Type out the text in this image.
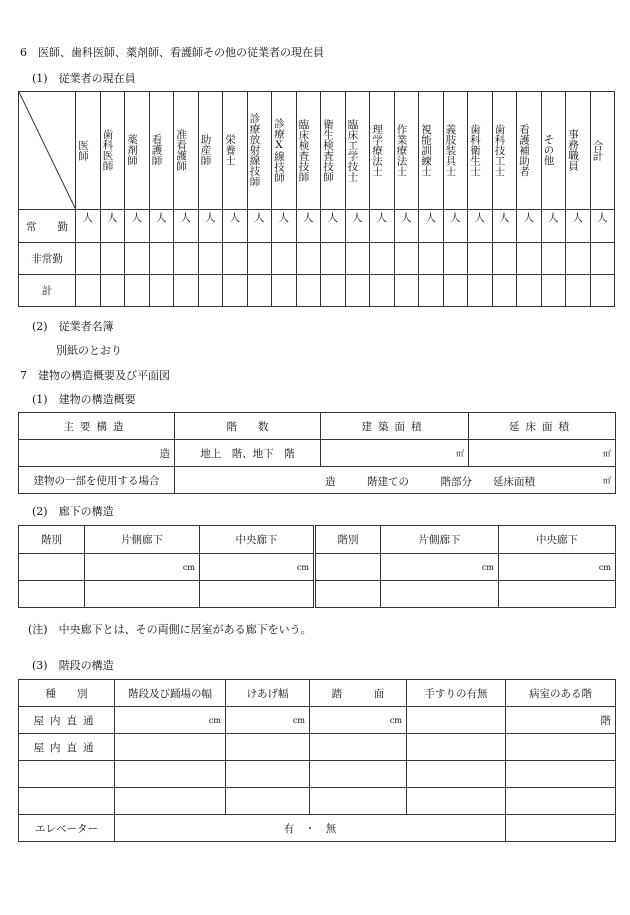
6　医師、歯科医師、薬剤師、看護師その他の従業者の現在員
(1)　従業者の現在員

医師	歯科医師	薬剤師	看護師	准看護師	助産師	栄養士	診療放射線技師	診療X線技師	臨床検査技師	衛生検査技師	臨床工学技士	理学療法士	作業療法士	視能訓練士	義肢装具士	歯科衛生士	歯科技工士	看護補助者	その他	事務職員	合計

常　　勤	人	人	人	人	人	人	人	人	人	人	人	人	人	人	人	人	人	人	人	人	人	人
非常勤																						
計																						
(2)　従業者名簿
別紙のとおり
7　建物の構造概要及び平面図
(1)　建物の構造概要
主要構造	階　　数	建築面積	延床面積
造	地上　階、地下　階	㎡	㎡
建物の一部を使用する場合	造　　　階建ての　　　階部分　　延床面積 ㎡		
(2)　廊下の構造
階別	片側廊下	中央廊下	階別	片側廊下	中央廊下
	cm	cm		cm	cm

(注)　中央廊下とは、その両側に居室がある廊下をいう。
(3)　階段の構造
種　　別	階段及び踊場の幅	けあげ幅	踏　　　面	手すりの有無	病室のある階
屋内直通	cm	cm	cm		階
屋内直通					

エレベーター	有　・　無				
